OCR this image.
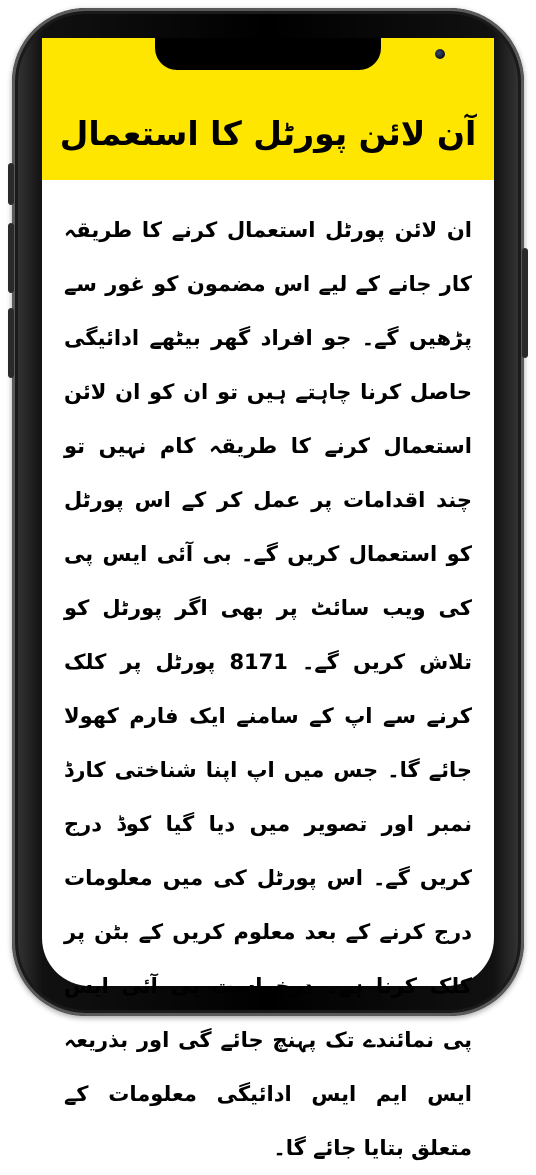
آن لائن پورٹل کا استعمال

ان لائن پورٹل استعمال کرنے کا طریقہ کار جانے کے لیے اس مضمون کو غور سے پڑھیں گے۔ جو افراد گھر بیٹھے ادائیگی حاصل کرنا چاہتے ہیں تو ان کو ان لائن استعمال کرنے کا طریقہ کام نہیں تو چند اقدامات پر عمل کر کے اس پورٹل کو استعمال کریں گے۔ بی آئی ایس پی کی ویب سائٹ پر بھی اگر پورٹل کو تلاش کریں گے۔ 8171 پورٹل پر کلک کرنے سے اپ کے سامنے ایک فارم کھولا جائے گا۔ جس میں اپ اپنا شناختی کارڈ نمبر اور تصویر میں دیا گیا کوڈ درج کریں گے۔ اس پورٹل کی میں معلومات درج کرنے کے بعد معلوم کریں کے بٹن پر کلک کرنا ہے۔ درخواست بی آئی ایس پی نمائندے تک پہنچ جائے گی اور بذریعہ ایس ایم ایس ادائیگی معلومات کے متعلق بتایا جائے گا۔
